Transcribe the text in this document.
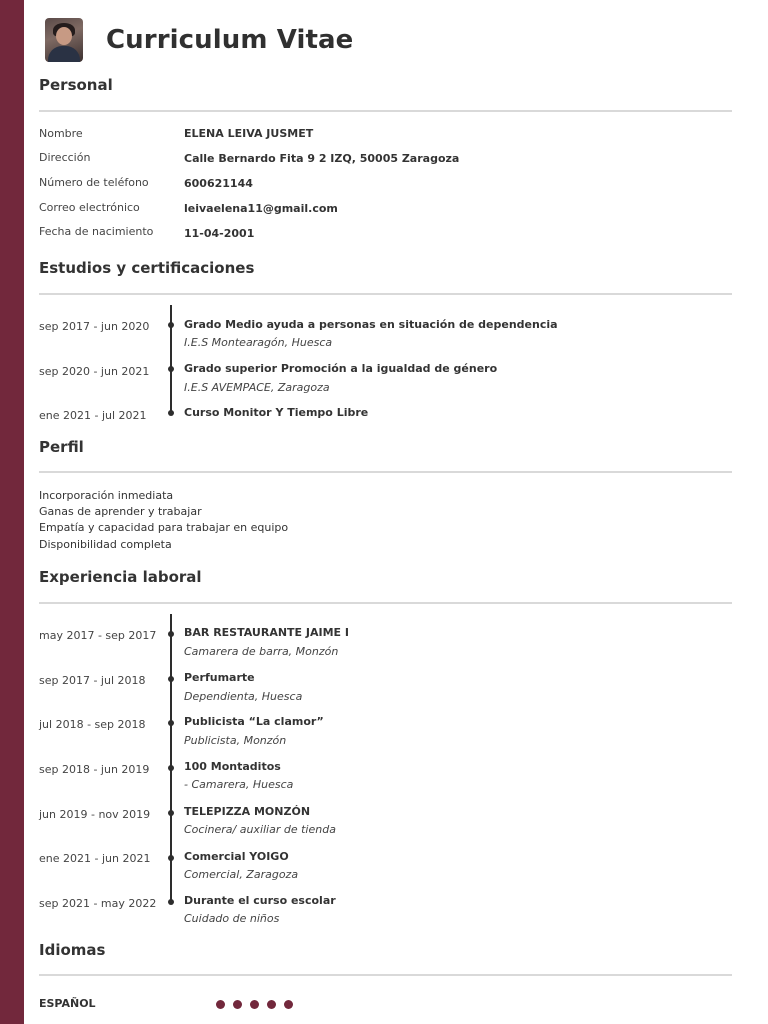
Curriculum Vitae
Personal
Nombre	ELENA LEIVA JUSMET
Dirección	Calle Bernardo Fita 9 2 IZQ, 50005 Zaragoza
Número de teléfono	600621144
Correo electrónico	leivaelena11@gmail.com
Fecha de nacimiento	11-04-2001
Estudios y certificaciones
sep 2017 - jun 2020	Grado Medio ayuda a personas en situación de dependencia
I.E.S Montearagón, Huesca
sep 2020 - jun 2021	Grado superior Promoción a la igualdad de género
I.E.S AVEMPACE, Zaragoza
ene 2021 - jul 2021	Curso Monitor Y Tiempo Libre
Perfil
Incorporación inmediata
Ganas de aprender y trabajar
Empatía y capacidad para trabajar en equipo
Disponibilidad completa
Experiencia laboral
may 2017 - sep 2017	BAR RESTAURANTE JAIME I
Camarera de barra, Monzón
sep 2017 - jul 2018	Perfumarte
Dependienta, Huesca
jul 2018 - sep 2018	Publicista “La clamor”
Publicista, Monzón
sep 2018 - jun 2019	100 Montaditos
- Camarera, Huesca
jun 2019 - nov 2019	TELEPIZZA MONZÓN
Cocinera/ auxiliar de tienda
ene 2021 - jun 2021	Comercial YOIGO
Comercial, Zaragoza
sep 2021 - may 2022	Durante el curso escolar
Cuidado de niños
Idiomas
ESPAÑOL
